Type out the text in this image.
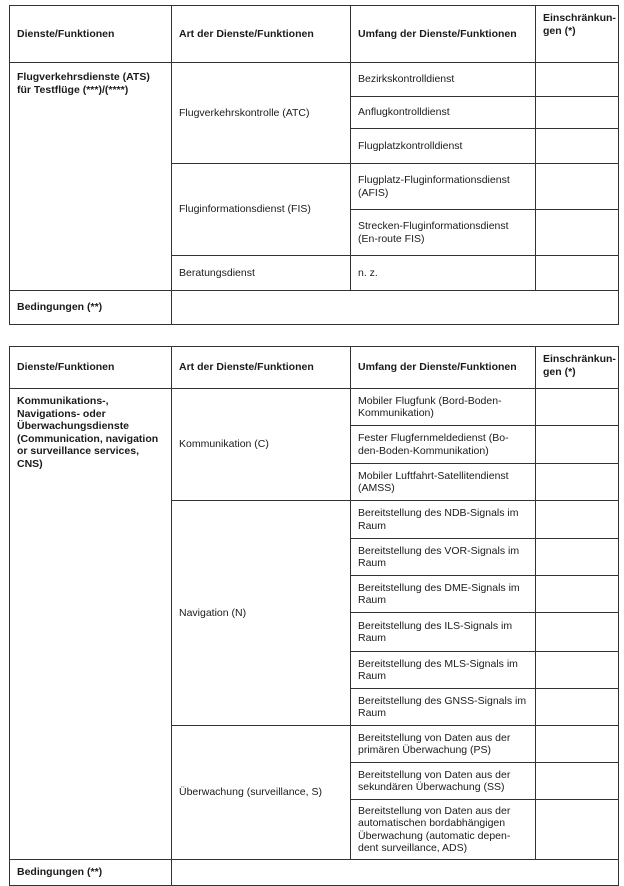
Dienste/Funktionen	Art der Dienste/Funktionen	Umfang der Dienste/Funktionen	Einschränkun-gen (*)
Flugverkehrsdienste (ATS) für Testflüge (***)/(****)	Flugverkehrskontrolle (ATC)	Bezirkskontrolldienst	
		Anflugkontrolldienst	
		Flugplatzkontrolldienst	
	Fluginformationsdienst (FIS)	Flugplatz-Fluginformationsdienst (AFIS)	
		Strecken-Fluginformationsdienst (En-route FIS)	
	Beratungsdienst	n. z.	
Bedingungen (**)			
Dienste/Funktionen	Art der Dienste/Funktionen	Umfang der Dienste/Funktionen	Einschränkun-gen (*)
Kommunikations-, Navigations- oder Überwachungsdienste (Communication, navigation or surveillance services, CNS)	Kommunikation (C)	Mobiler Flugfunk (Bord-Boden-Kommunikation)	
		Fester Flugfernmeldedienst (Bo-den-Boden-Kommunikation)	
		Mobiler Luftfahrt-Satellitendienst (AMSS)	
	Navigation (N)	Bereitstellung des NDB-Signals im Raum	
		Bereitstellung des VOR-Signals im Raum	
		Bereitstellung des DME-Signals im Raum	
		Bereitstellung des ILS-Signals im Raum	
		Bereitstellung des MLS-Signals im Raum	
		Bereitstellung des GNSS-Signals im Raum	
	Überwachung (surveillance, S)	Bereitstellung von Daten aus der primären Überwachung (PS)	
		Bereitstellung von Daten aus der sekundären Überwachung (SS)	
		Bereitstellung von Daten aus der automatischen bordabhängigen Überwachung (automatic depen-dent surveillance, ADS)	
Bedingungen (**)			
